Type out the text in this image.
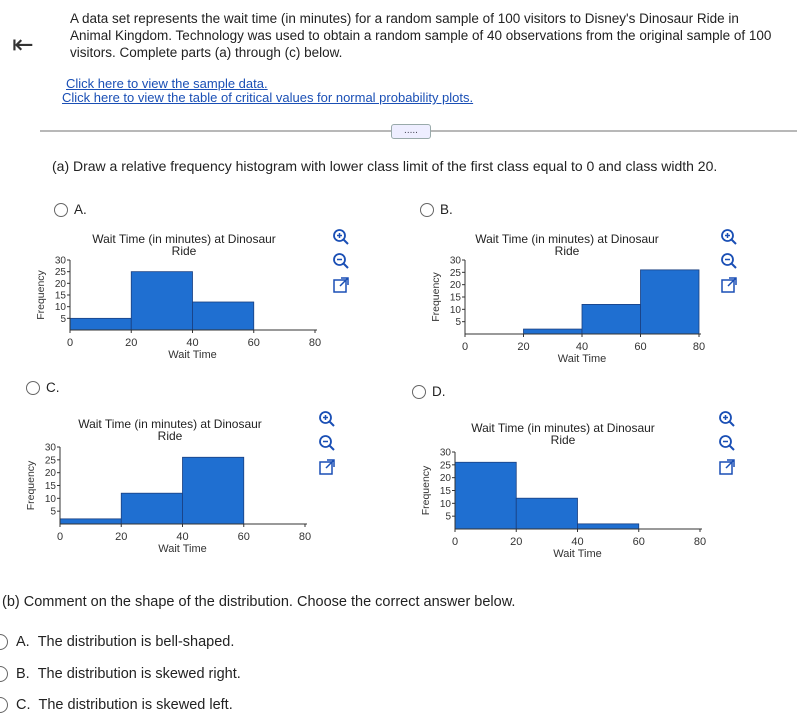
⇤
A data set represents the wait time (in minutes) for a random sample of 100 visitors to Disney's Dinosaur Ride in
Animal Kingdom. Technology was used to obtain a random sample of 40 observations from the original sample of 100
visitors. Complete parts (a) through (c) below.
Click here to view the sample data.
Click here to view the table of critical values for normal probability plots.
.....
(a) Draw a relative frequency histogram with lower class limit of the first class equal to 0 and class width 20.
A.
Wait Time (in minutes) at Dinosaur
Ride
5
10
15
20
25
30
0	20	40	60	80
Wait Time
Frequency
B.
Wait Time (in minutes) at Dinosaur
Ride
5
10
15
20
25
30
0	20	40	60	80
Wait Time
Frequency
C.
Wait Time (in minutes) at Dinosaur
Ride
5
10
15
20
25
30
0	20	40	60	80
Wait Time
Frequency
D.
Wait Time (in minutes) at Dinosaur
Ride
5
10
15
20
25
30
0	20	40	60	80
Wait Time
Frequency
(b) Comment on the shape of the distribution. Choose the correct answer below.
A. The distribution is bell-shaped.
B. The distribution is skewed right.
C. The distribution is skewed left.
